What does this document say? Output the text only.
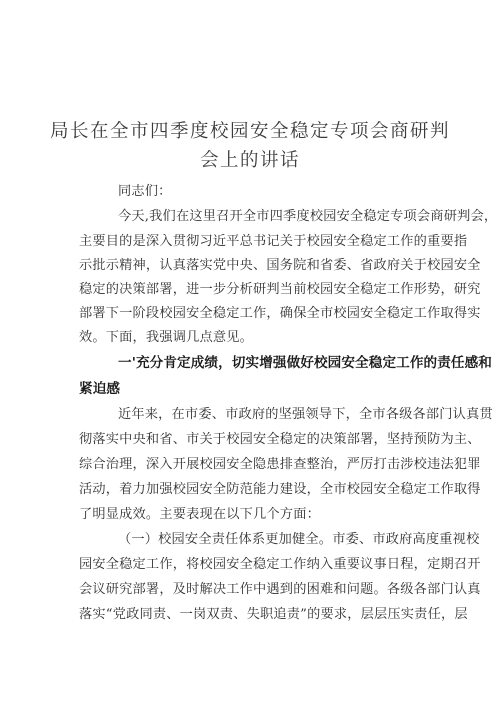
局长在全市四季度校园安全稳定专项会商研判
会上的讲话

同志们：

今天,我们在这里召开全市四季度校园安全稳定专项会商研判会，

主要目的是深入贯彻习近平总书记关于校园安全稳定工作的重要指

示批示精神，认真落实党中央、国务院和省委、省政府关于校园安全

稳定的决策部署，进一步分析研判当前校园安全稳定工作形势，研究

部署下一阶段校园安全稳定工作，确保全市校园安全稳定工作取得实

效。下面，我强调几点意见。

一'充分肯定成绩，切实增强做好校园安全稳定工作的责任感和

紧迫感

近年来，在市委、市政府的坚强领导下，全市各级各部门认真贯

彻落实中央和省、市关于校园安全稳定的决策部署，坚持预防为主、

综合治理，深入开展校园安全隐患排查整治，严厉打击涉校违法犯罪

活动，着力加强校园安全防范能力建设，全市校园安全稳定工作取得

了明显成效。主要表现在以下几个方面：

（一）校园安全责任体系更加健全。市委、市政府高度重视校

园安全稳定工作，将校园安全稳定工作纳入重要议事日程，定期召开

会议研究部署，及时解决工作中遇到的困难和问题。各级各部门认真

落实“党政同责、一岗双责、失职追责”的要求，层层压实责任，层
